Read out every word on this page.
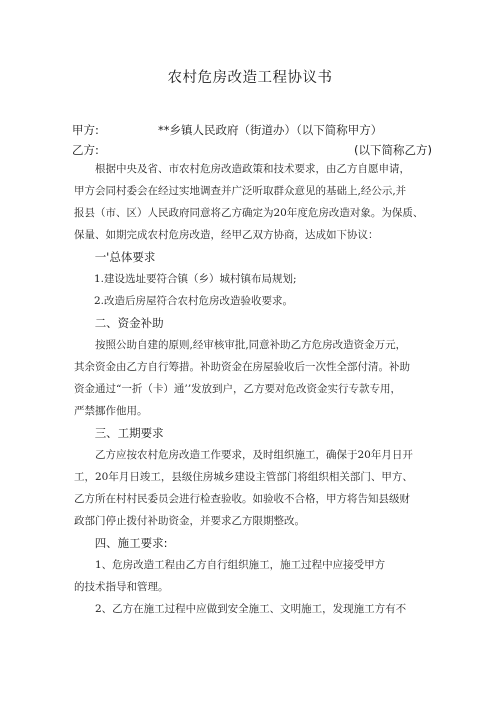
农村危房改造工程协议书
甲方:	**乡镇人民政府（街道办）（以下简称甲方）
乙方:	(以下简称乙方)

根据中央及省、市农村危房改造政策和技术要求，由乙方自愿申请，

甲方会同村委会在经过实地调查并广泛听取群众意见的基础上,经公示,并

报县（市、区）人民政府同意将乙方确定为20年度危房改造对象。为保质、

保量、如期完成农村危房改造，经甲乙双方协商，达成如下协议：

一'总体要求

1.建设选址要符合镇（乡）城村镇布局规划;

2.改造后房屋符合农村危房改造验收要求。

二、资金补助

按照公助自建的原则,经审核审批,同意补助乙方危房改造资金万元，

其余资金由乙方自行筹措。补助资金在房屋验收后一次性全部付清。补助

资金通过“一折（卡）通’’发放到户，乙方要对危改资金实行专款专用，

严禁挪作他用。

三、工期要求

乙方应按农村危房改造工作要求，及时组织施工，确保于20年月日开

工，20年月日竣工，县级住房城乡建设主管部门将组织相关部门、甲方、

乙方所在村村民委员会进行检查验收。如验收不合格，甲方将告知县级财

政部门停止拨付补助资金，并要求乙方限期整改。

四、施工要求:

1、危房改造工程由乙方自行组织施工，施工过程中应接受甲方

的技术指导和管理。

2、乙方在施工过程中应做到安全施工、文明施工，发现施工方有不
